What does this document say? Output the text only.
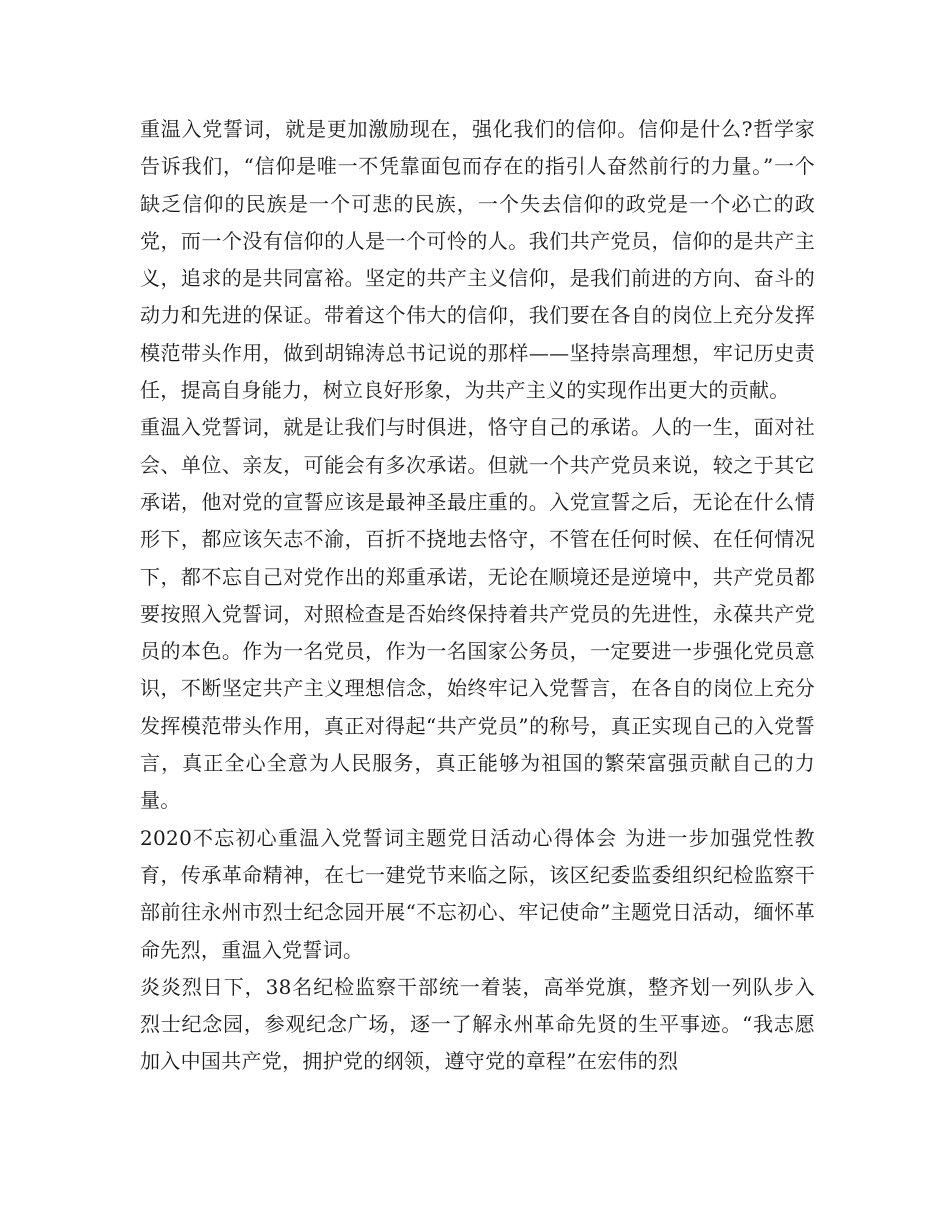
重温入党誓词，就是更加激励现在，强化我们的信仰。信仰是什么?哲学家告诉我们，“信仰是唯一不凭靠面包而存在的指引人奋然前行的力量。”一个缺乏信仰的民族是一个可悲的民族，一个失去信仰的政党是一个必亡的政党，而一个没有信仰的人是一个可怜的人。我们共产党员，信仰的是共产主义，追求的是共同富裕。坚定的共产主义信仰，是我们前进的方向、奋斗的动力和先进的保证。带着这个伟大的信仰，我们要在各自的岗位上充分发挥模范带头作用，做到胡锦涛总书记说的那样——坚持崇高理想，牢记历史责任，提高自身能力，树立良好形象，为共产主义的实现作出更大的贡献。

重温入党誓词，就是让我们与时俱进，恪守自己的承诺。人的一生，面对社会、单位、亲友，可能会有多次承诺。但就一个共产党员来说，较之于其它承诺，他对党的宣誓应该是最神圣最庄重的。入党宣誓之后，无论在什么情形下，都应该矢志不渝，百折不挠地去恪守，不管在任何时候、在任何情况下，都不忘自己对党作出的郑重承诺，无论在顺境还是逆境中，共产党员都要按照入党誓词，对照检查是否始终保持着共产党员的先进性，永葆共产党员的本色。作为一名党员，作为一名国家公务员，一定要进一步强化党员意识，不断坚定共产主义理想信念，始终牢记入党誓言，在各自的岗位上充分发挥模范带头作用，真正对得起“共产党员”的称号，真正实现自己的入党誓言，真正全心全意为人民服务，真正能够为祖国的繁荣富强贡献自己的力量。

2020不忘初心重温入党誓词主题党日活动心得体会 为进一步加强党性教育，传承革命精神，在七一建党节来临之际，该区纪委监委组织纪检监察干部前往永州市烈士纪念园开展“不忘初心、牢记使命”主题党日活动，缅怀革命先烈，重温入党誓词。

炎炎烈日下，38名纪检监察干部统一着装，高举党旗，整齐划一列队步入烈士纪念园，参观纪念广场，逐一了解永州革命先贤的生平事迹。“我志愿加入中国共产党，拥护党的纲领，遵守党的章程”在宏伟的烈
